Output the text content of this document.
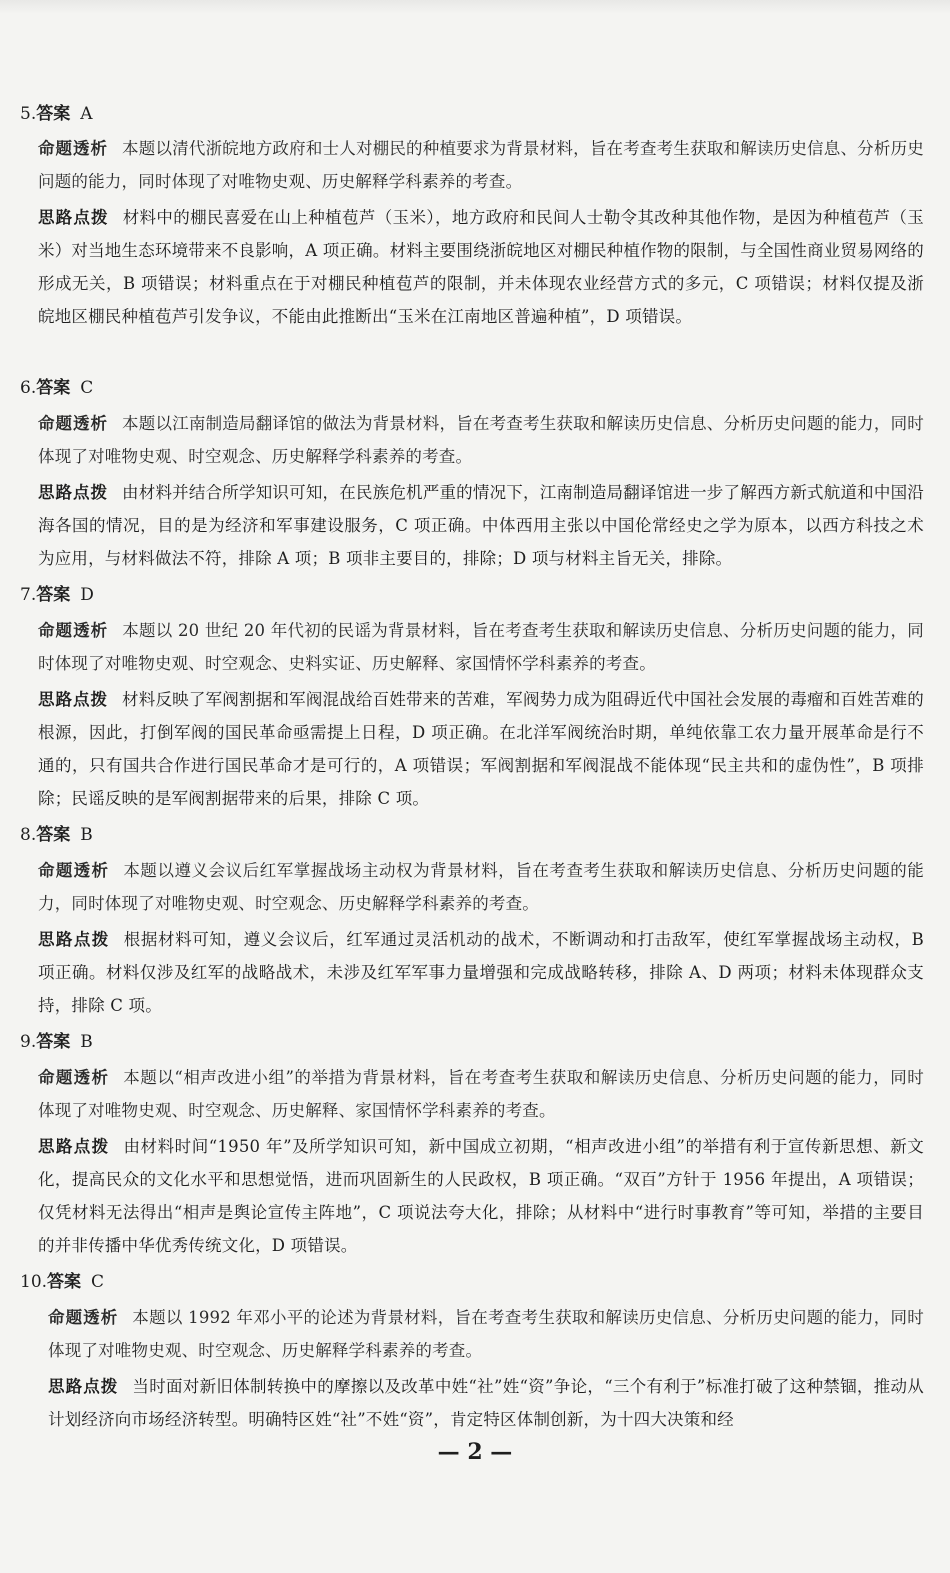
5.答案 A
命题透析 本题以清代浙皖地方政府和士人对棚民的种植要求为背景材料，旨在考查考生获取和解读历史信息、分析历史问题的能力，同时体现了对唯物史观、历史解释学科素养的考查。
思路点拨 材料中的棚民喜爱在山上种植苞芦（玉米），地方政府和民间人士勒令其改种其他作物，是因为种植苞芦（玉米）对当地生态环境带来不良影响，A 项正确。材料主要围绕浙皖地区对棚民种植作物的限制，与全国性商业贸易网络的形成无关，B 项错误；材料重点在于对棚民种植苞芦的限制，并未体现农业经营方式的多元，C 项错误；材料仅提及浙皖地区棚民种植苞芦引发争议，不能由此推断出“玉米在江南地区普遍种植”，D 项错误。
6.答案 C
命题透析 本题以江南制造局翻译馆的做法为背景材料，旨在考查考生获取和解读历史信息、分析历史问题的能力，同时体现了对唯物史观、时空观念、历史解释学科素养的考查。
思路点拨 由材料并结合所学知识可知，在民族危机严重的情况下，江南制造局翻译馆进一步了解西方新式航道和中国沿海各国的情况，目的是为经济和军事建设服务，C 项正确。中体西用主张以中国伦常经史之学为原本，以西方科技之术为应用，与材料做法不符，排除 A 项；B 项非主要目的，排除；D 项与材料主旨无关，排除。
7.答案 D
命题透析 本题以 20 世纪 20 年代初的民谣为背景材料，旨在考查考生获取和解读历史信息、分析历史问题的能力，同时体现了对唯物史观、时空观念、史料实证、历史解释、家国情怀学科素养的考查。
思路点拨 材料反映了军阀割据和军阀混战给百姓带来的苦难，军阀势力成为阻碍近代中国社会发展的毒瘤和百姓苦难的根源，因此，打倒军阀的国民革命亟需提上日程，D 项正确。在北洋军阀统治时期，单纯依靠工农力量开展革命是行不通的，只有国共合作进行国民革命才是可行的，A 项错误；军阀割据和军阀混战不能体现“民主共和的虚伪性”，B 项排除；民谣反映的是军阀割据带来的后果，排除 C 项。
8.答案 B
命题透析 本题以遵义会议后红军掌握战场主动权为背景材料，旨在考查考生获取和解读历史信息、分析历史问题的能力，同时体现了对唯物史观、时空观念、历史解释学科素养的考查。
思路点拨 根据材料可知，遵义会议后，红军通过灵活机动的战术，不断调动和打击敌军，使红军掌握战场主动权，B 项正确。材料仅涉及红军的战略战术，未涉及红军军事力量增强和完成战略转移，排除 A、D 两项；材料未体现群众支持，排除 C 项。
9.答案 B
命题透析 本题以“相声改进小组”的举措为背景材料，旨在考查考生获取和解读历史信息、分析历史问题的能力，同时体现了对唯物史观、时空观念、历史解释、家国情怀学科素养的考查。
思路点拨 由材料时间“1950 年”及所学知识可知，新中国成立初期，“相声改进小组”的举措有利于宣传新思想、新文化，提高民众的文化水平和思想觉悟，进而巩固新生的人民政权，B 项正确。“双百”方针于 1956 年提出，A 项错误；仅凭材料无法得出“相声是舆论宣传主阵地”，C 项说法夸大化，排除；从材料中“进行时事教育”等可知，举措的主要目的并非传播中华优秀传统文化，D 项错误。
10.答案 C
命题透析 本题以 1992 年邓小平的论述为背景材料，旨在考查考生获取和解读历史信息、分析历史问题的能力，同时体现了对唯物史观、时空观念、历史解释学科素养的考查。
思路点拨 当时面对新旧体制转换中的摩擦以及改革中姓“社”姓“资”争论，“三个有利于”标准打破了这种禁锢，推动从计划经济向市场经济转型。明确特区姓“社”不姓“资”，肯定特区体制创新，为十四大决策和经
— 2 —
